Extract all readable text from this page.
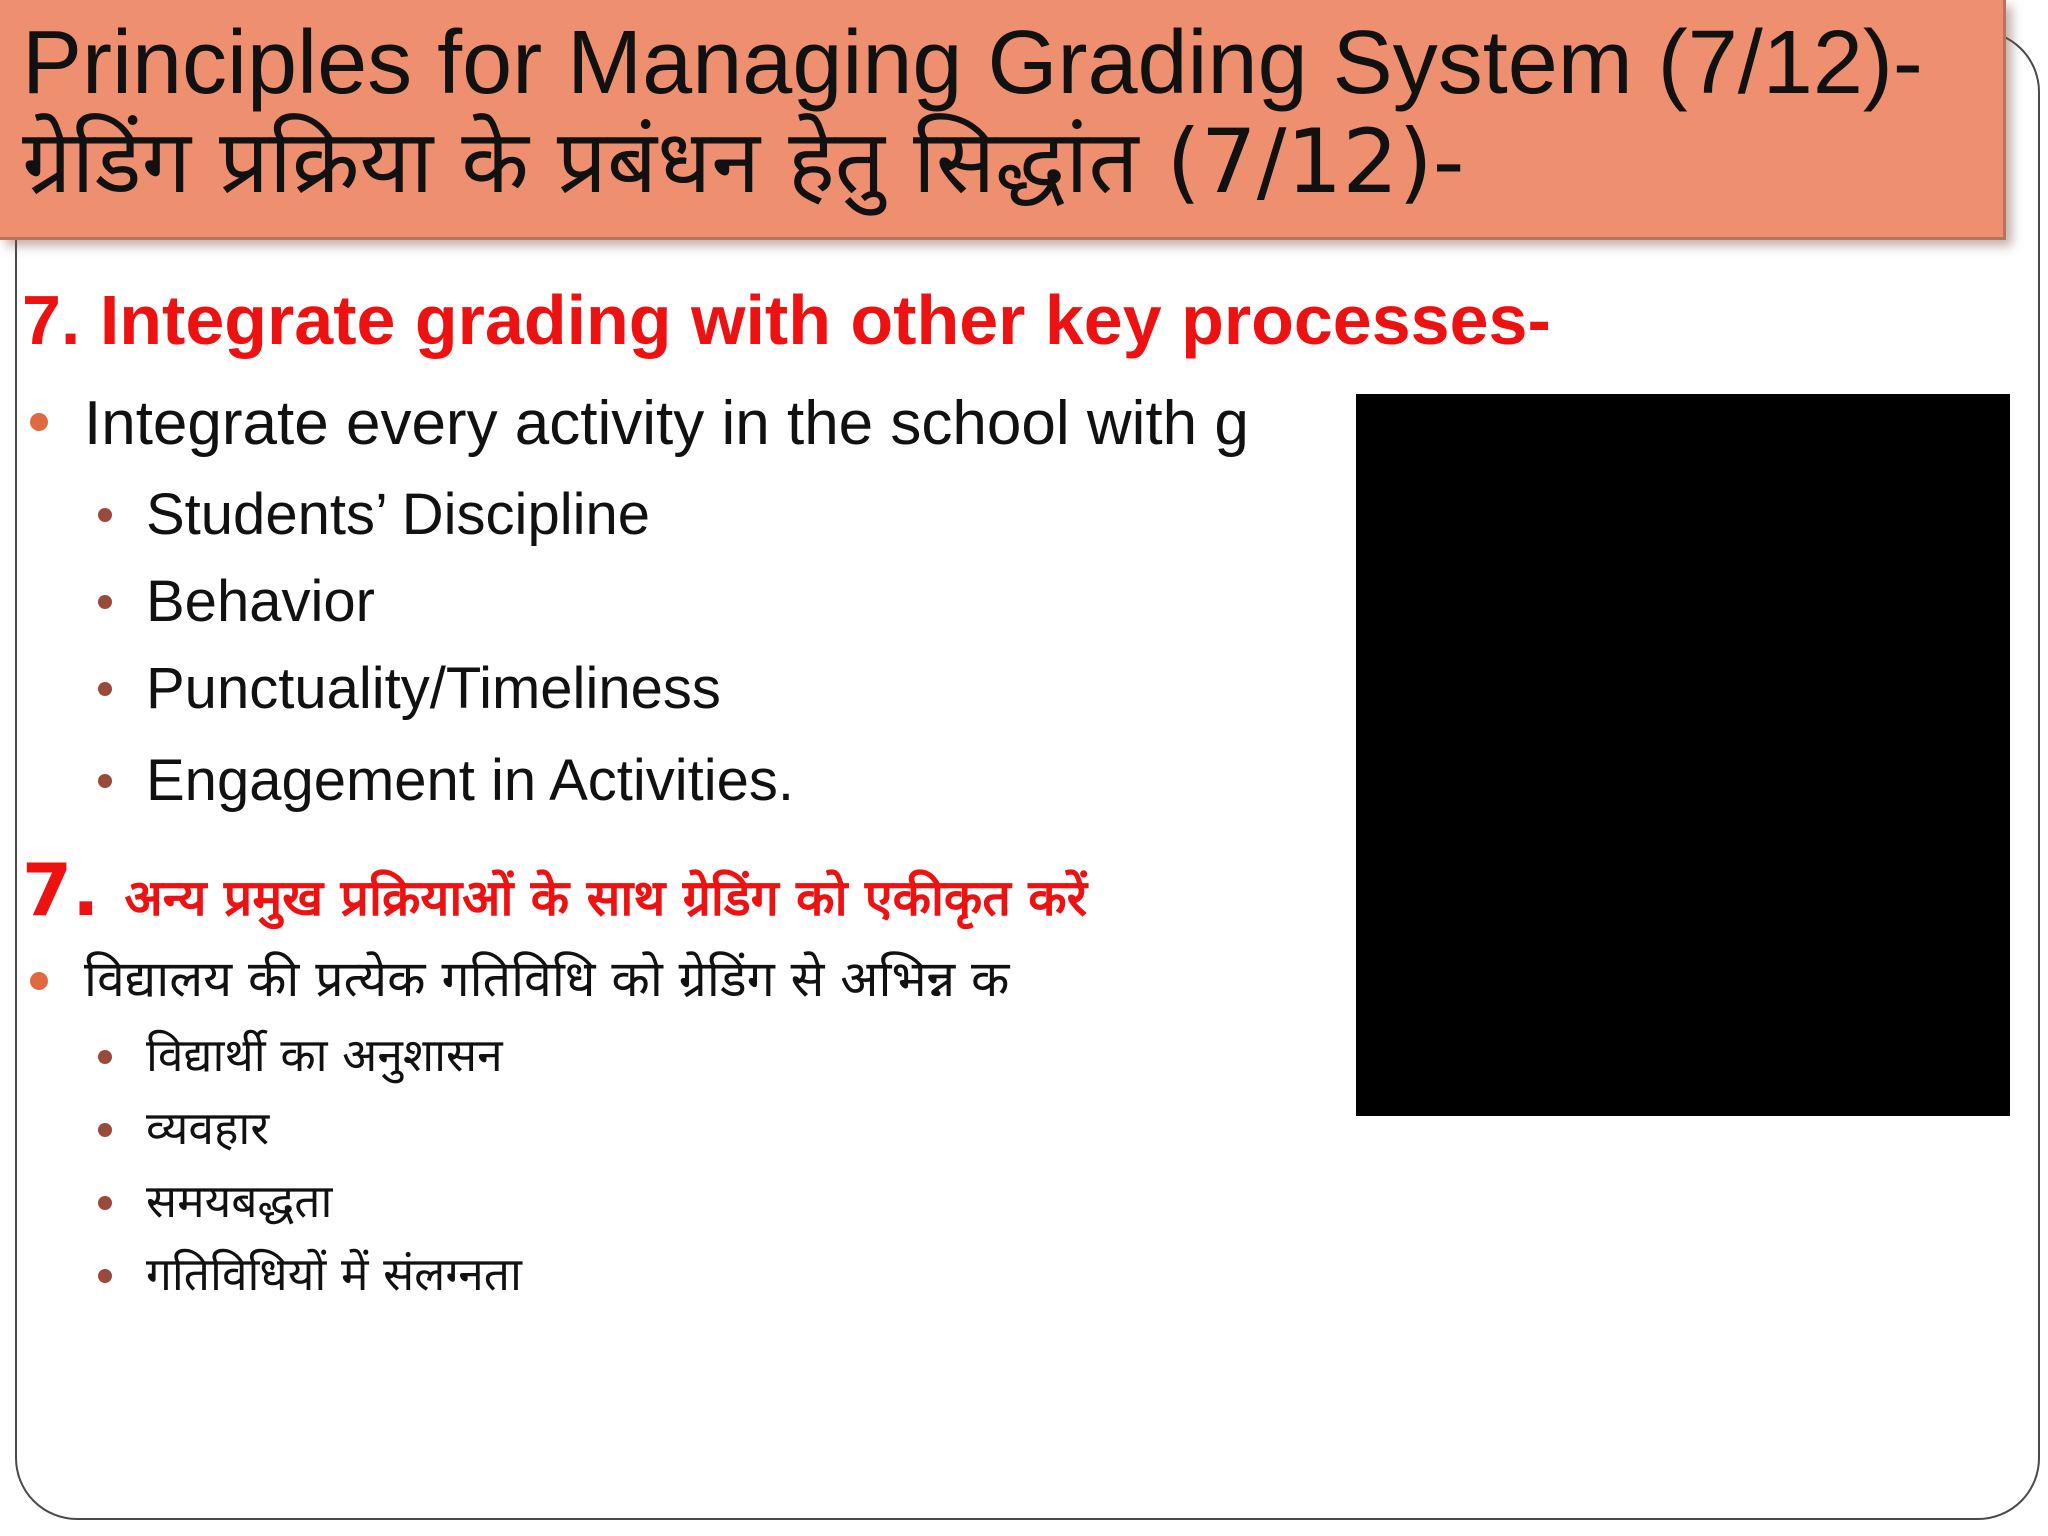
Principles for Managing Grading System (7/12)-
ग्रेडिंग प्रक्रिया के प्रबंधन हेतु सिद्धांत (7/12)-
7. Integrate grading with other key processes-
Integrate every activity in the school with g
Students’ Discipline
Behavior
Punctuality/Timeliness
Engagement in Activities.
7. अन्य प्रमुख प्रक्रियाओं के साथ ग्रेडिंग को एकीकृत करें
विद्यालय की प्रत्येक गतिविधि को ग्रेडिंग से अभिन्न क
विद्यार्थी का अनुशासन
व्यवहार
समयबद्धता
गतिविधियों में संलग्नता
